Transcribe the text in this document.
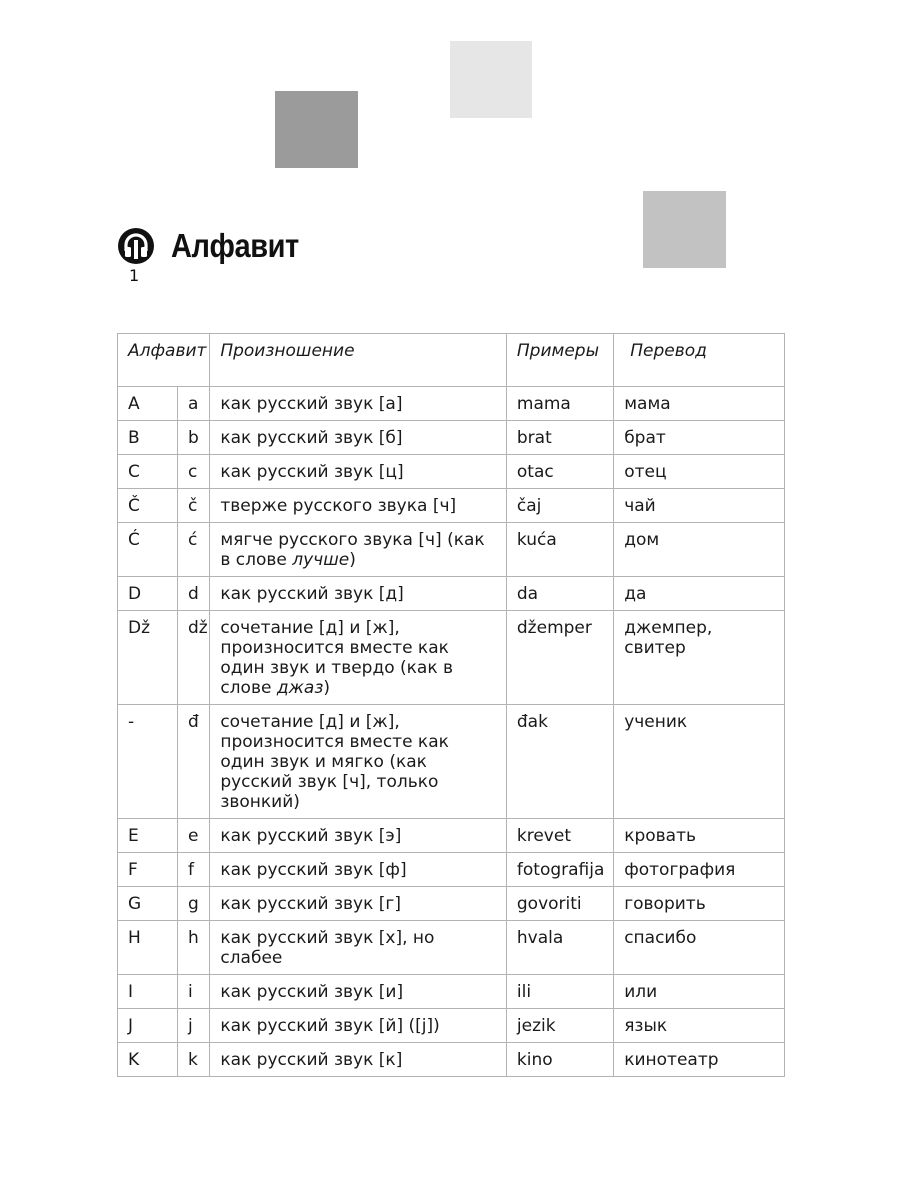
Алфавит
1
Алфавит		Произношение	Примеры	Перевод
A	a	как русский звук [а]	mama	мама
B	b	как русский звук [б]	brat	брат
C	c	как русский звук [ц]	otac	отец
Č	č	тверже русского звука [ч]	čaj	чай
Ć	ć	мягче русского звука [ч] (как в слове лучше)	kuća	дом
D	d	как русский звук [д]	da	да
Dž	dž	сочетание [д] и [ж], произносится вместе как один звук и твердо (как в слове джаз)	džemper	джемпер, свитер
-	đ	сочетание [д] и [ж], произносится вместе как один звук и мягко (как русский звук [ч], только звонкий)	đak	ученик
E	e	как русский звук [э]	krevet	кровать
F	f	как русский звук [ф]	fotografija	фотография
G	g	как русский звук [г]	govoriti	говорить
H	h	как русский звук [х], но слабее	hvala	спасибо
I	i	как русский звук [и]	ili	или
J	j	как русский звук [й] ([j])	jezik	язык
K	k	как русский звук [к]	kino	кинотеатр
